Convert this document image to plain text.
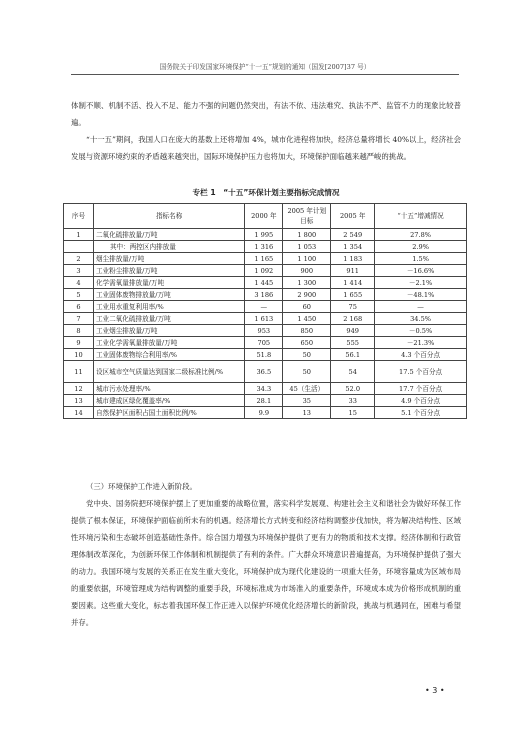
国务院关于印发国家环境保护“十一五”规划的通知（国发[2007]37 号）

体制不顺、机制不活、投入不足、能力不强的问题仍然突出，有法不依、违法难究、执法不严、监管不力的现象比较普遍。

“十一五”期间，我国人口在庞大的基数上还将增加 4%，城市化进程将加快，经济总量将增长 40%以上，经济社会发展与资源环境约束的矛盾越来越突出，国际环境保护压力也将加大，环境保护面临越来越严峻的挑战。

专栏 1　“十五”环保计划主要指标完成情况
序号	指标名称	2000 年	2005 年计划目标	2005 年	“十五”增减情况
1	二氧化硫排放量/万吨	1 995	1 800	2 549	27.8%
	其中：两控区内排放量	1 316	1 053	1 354	2.9%
2	烟尘排放量/万吨	1 165	1 100	1 183	1.5%
3	工业粉尘排放量/万吨	1 092	900	911	－16.6%
4	化学需氧量排放量/万吨	1 445	1 300	1 414	－2.1%
5	工业固体废物排放量/万吨	3 186	2 900	1 655	－48.1%
6	工业用水重复利用率/%	—	60	75	—
7	工业二氧化硫排放量/万吨	1 613	1 450	2 168	34.5%
8	工业烟尘排放量/万吨	953	850	949	－0.5%
9	工业化学需氧量排放量/万吨	705	650	555	－21.3%
10	工业固体废物综合利用率/%	51.8	50	56.1	4.3 个百分点
11	设区城市空气质量达到国家二级标准比例/%	36.5	50	54	17.5 个百分点
12	城市污水处理率/%	34.3	45（生活）	52.0	17.7 个百分点
13	城市建成区绿化覆盖率/%	28.1	35	33	4.9 个百分点
14	自然保护区面积占国土面积比例/%	9.9	13	15	5.1 个百分点

（三）环境保护工作进入新阶段。

党中央、国务院把环境保护摆上了更加重要的战略位置，落实科学发展观、构建社会主义和谐社会为做好环保工作提供了根本保证，环境保护面临前所未有的机遇。经济增长方式转变和经济结构调整步伐加快，将为解决结构性、区域性环境污染和生态破坏创造基础性条件。综合国力增强为环境保护提供了更有力的物质和技术支撑。经济体制和行政管理体制改革深化，为创新环保工作体制和机制提供了有利的条件。广大群众环境意识普遍提高，为环境保护提供了强大的动力。我国环境与发展的关系正在发生重大变化，环境保护成为现代化建设的一项重大任务，环境容量成为区域布局的重要依据，环境管理成为结构调整的重要手段，环境标准成为市场准入的重要条件，环境成本成为价格形成机制的重要因素。这些重大变化，标志着我国环保工作正进入以保护环境优化经济增长的新阶段，挑战与机遇同在，困难与希望并存。

• 3 •
